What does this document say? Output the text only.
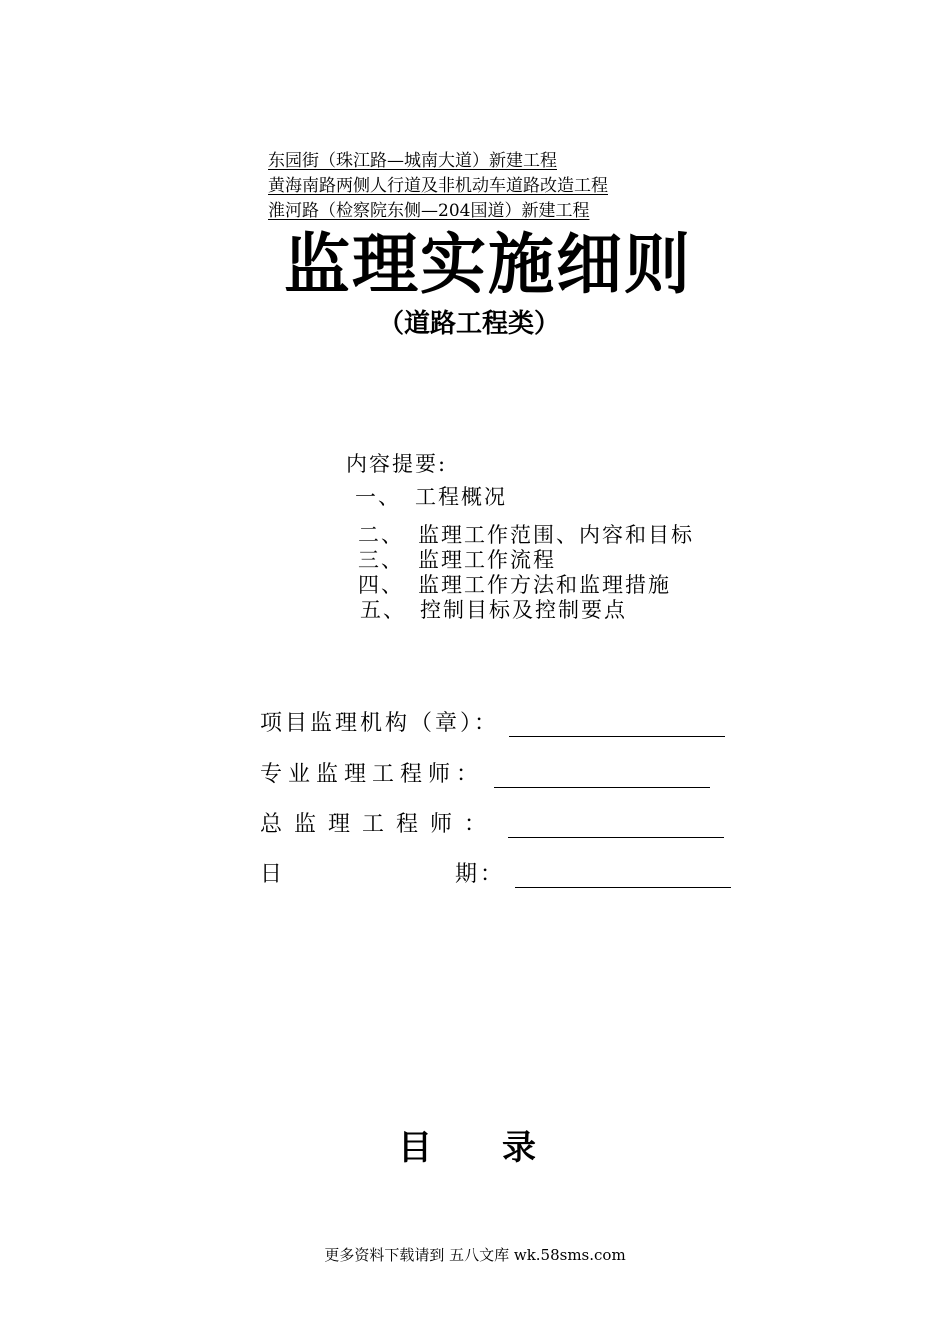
东园街（珠江路—城南大道）新建工程
黄海南路两侧人行道及非机动车道路改造工程
淮河路（检察院东侧—204国道）新建工程
监理实施细则
（道路工程类）
内容提要:
一、 工程概况
二、 监理工作范围、内容和目标
三、 监理工作流程
四、 监理工作方法和监理措施
五、 控制目标及控制要点
项目监理机构（章）：
专业监理工程师：
总监理工程师：
日	期：
目 录
更多资料下载请到 五八文库 wk.58sms.com
